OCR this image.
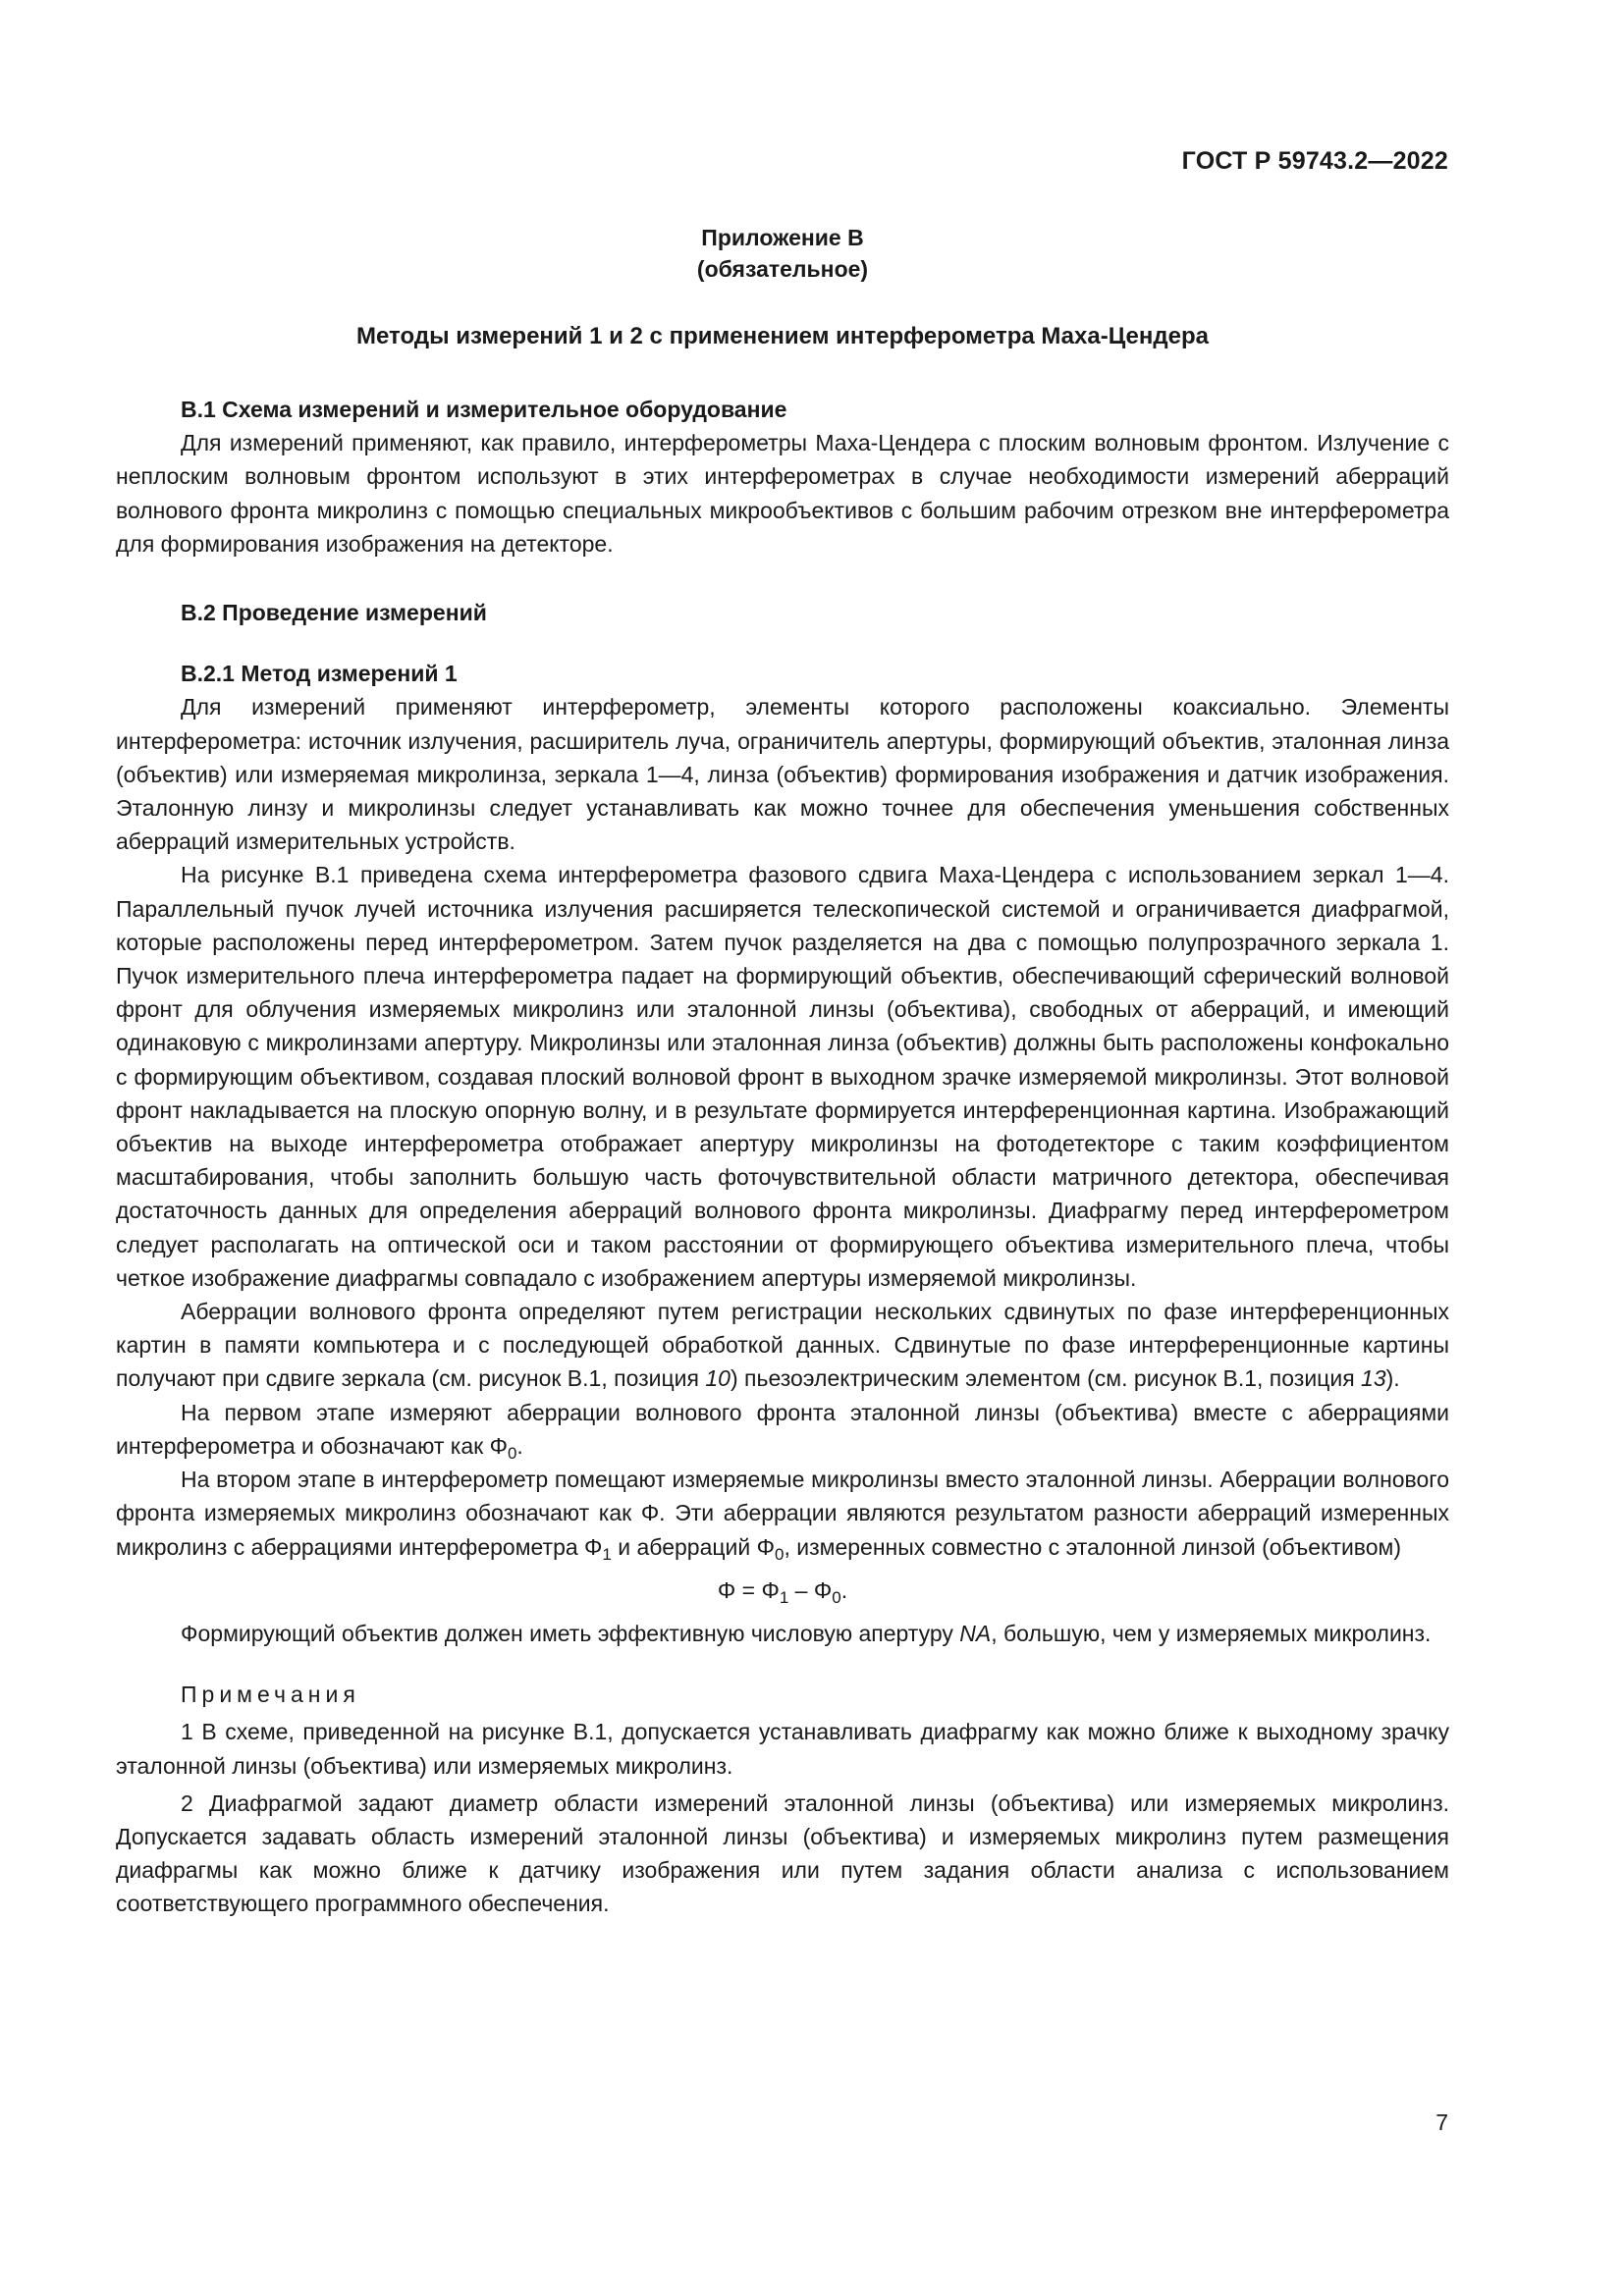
ГОСТ Р 59743.2—2022
Приложение В
(обязательное)
Методы измерений 1 и 2 с применением интерферометра Маха-Цендера
В.1 Схема измерений и измерительное оборудование

Для измерений применяют, как правило, интерферометры Маха-Цендера с плоским волновым фронтом. Излучение с неплоским волновым фронтом используют в этих интерферометрах в случае необходимости измерений аберраций волнового фронта микролинз с помощью специальных микрообъективов с большим рабочим отрезком вне интерферометра для формирования изображения на детекторе.

В.2 Проведение измерений
В.2.1 Метод измерений 1

Для измерений применяют интерферометр, элементы которого расположены коаксиально. Элементы интерферометра: источник излучения, расширитель луча, ограничитель апертуры, формирующий объектив, эталонная линза (объектив) или измеряемая микролинза, зеркала 1—4, линза (объектив) формирования изображения и датчик изображения. Эталонную линзу и микролинзы следует устанавливать как можно точнее для обеспечения уменьшения собственных аберраций измерительных устройств.

На рисунке В.1 приведена схема интерферометра фазового сдвига Маха-Цендера с использованием зеркал 1—4. Параллельный пучок лучей источника излучения расширяется телескопической системой и ограничивается диафрагмой, которые расположены перед интерферометром. Затем пучок разделяется на два с помощью полупрозрачного зеркала 1. Пучок измерительного плеча интерферометра падает на формирующий объектив, обеспечивающий сферический волновой фронт для облучения измеряемых микролинз или эталонной линзы (объектива), свободных от аберраций, и имеющий одинаковую с микролинзами апертуру. Микролинзы или эталонная линза (объектив) должны быть расположены конфокально с формирующим объективом, создавая плоский волновой фронт в выходном зрачке измеряемой микролинзы. Этот волновой фронт накладывается на плоскую опорную волну, и в результате формируется интерференционная картина. Изображающий объектив на выходе интерферометра отображает апертуру микролинзы на фотодетекторе с таким коэффициентом масштабирования, чтобы заполнить большую часть фоточувствительной области матричного детектора, обеспечивая достаточность данных для определения аберраций волнового фронта микролинзы. Диафрагму перед интерферометром следует располагать на оптической оси и таком расстоянии от формирующего объектива измерительного плеча, чтобы четкое изображение диафрагмы совпадало с изображением апертуры измеряемой микролинзы.

Аберрации волнового фронта определяют путем регистрации нескольких сдвинутых по фазе интерференционных картин в памяти компьютера и с последующей обработкой данных. Сдвинутые по фазе интерференционные картины получают при сдвиге зеркала (см. рисунок В.1, позиция 10) пьезоэлектрическим элементом (см. рисунок В.1, позиция 13).

На первом этапе измеряют аберрации волнового фронта эталонной линзы (объектива) вместе с аберрациями интерферометра и обозначают как $\Phi_0$.

На втором этапе в интерферометр помещают измеряемые микролинзы вместо эталонной линзы. Аберрации волнового фронта измеряемых микролинз обозначают как Φ. Эти аберрации являются результатом разности аберраций измеренных микролинз с аберрациями интерферометра $\Phi_1$ и аберраций $\Phi_0$, измеренных совместно с эталонной линзой (объективом)

$\Phi = \Phi_1 - \Phi_0$.

Формирующий объектив должен иметь эффективную числовую апертуру NA, большую, чем у измеряемых микролинз.

Примечания

1 В схеме, приведенной на рисунке В.1, допускается устанавливать диафрагму как можно ближе к выходному зрачку эталонной линзы (объектива) или измеряемых микролинз.

2 Диафрагмой задают диаметр области измерений эталонной линзы (объектива) или измеряемых микролинз. Допускается задавать область измерений эталонной линзы (объектива) и измеряемых микролинз путем размещения диафрагмы как можно ближе к датчику изображения или путем задания области анализа с использованием соответствующего программного обеспечения.

7
